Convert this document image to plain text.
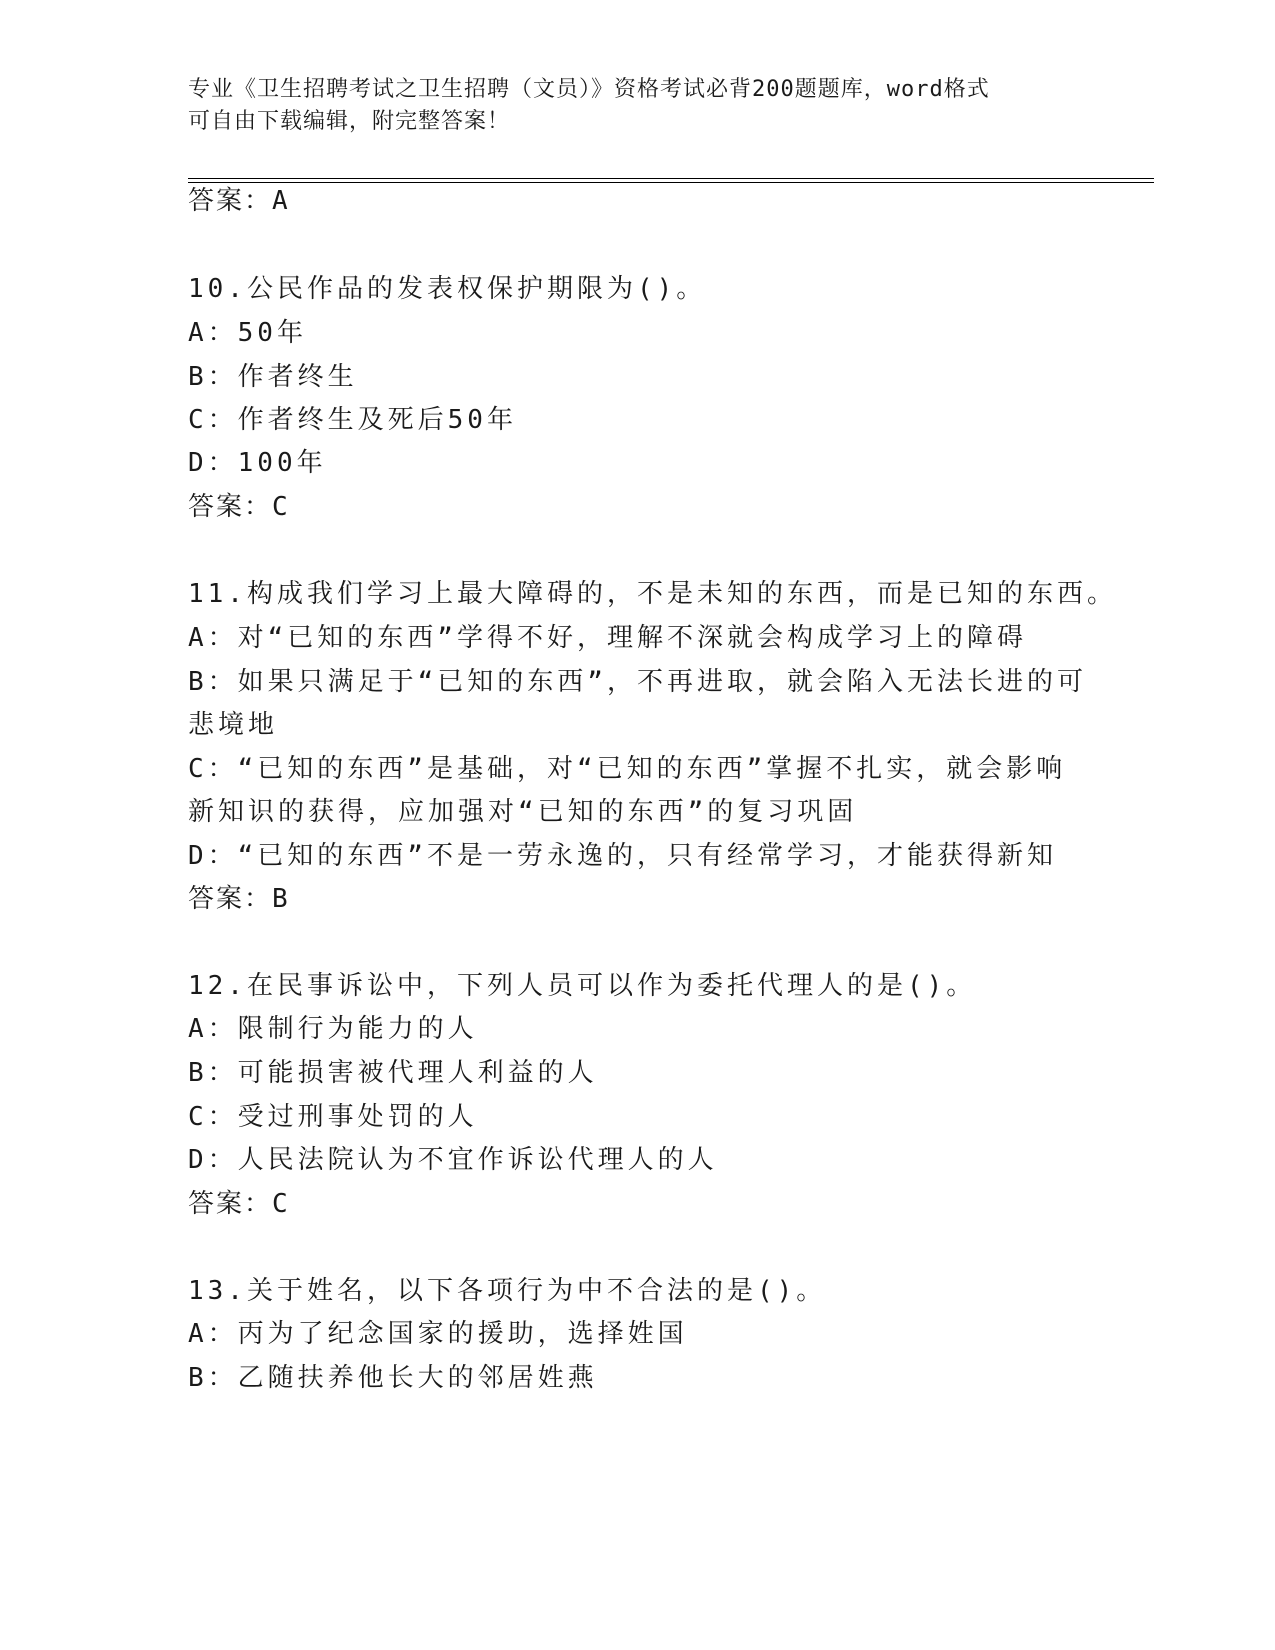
专业《卫生招聘考试之卫生招聘（文员）》资格考试必背200题题库，word格式
可自由下载编辑，附完整答案！
答案：A
10.公民作品的发表权保护期限为()。
A：50年
B：作者终生
C：作者终生及死后50年
D：100年
答案：C
11.构成我们学习上最大障碍的，不是未知的东西，而是已知的东西。
A：对“已知的东西”学得不好，理解不深就会构成学习上的障碍
B：如果只满足于“已知的东西”，不再进取，就会陷入无法长进的可
悲境地
C：“已知的东西”是基础，对“已知的东西”掌握不扎实，就会影响
新知识的获得，应加强对“已知的东西”的复习巩固
D：“已知的东西”不是一劳永逸的，只有经常学习，才能获得新知
答案：B
12.在民事诉讼中，下列人员可以作为委托代理人的是()。
A：限制行为能力的人
B：可能损害被代理人利益的人
C：受过刑事处罚的人
D：人民法院认为不宜作诉讼代理人的人
答案：C
13.关于姓名，以下各项行为中不合法的是()。
A：丙为了纪念国家的援助，选择姓国
B：乙随扶养他长大的邻居姓燕
